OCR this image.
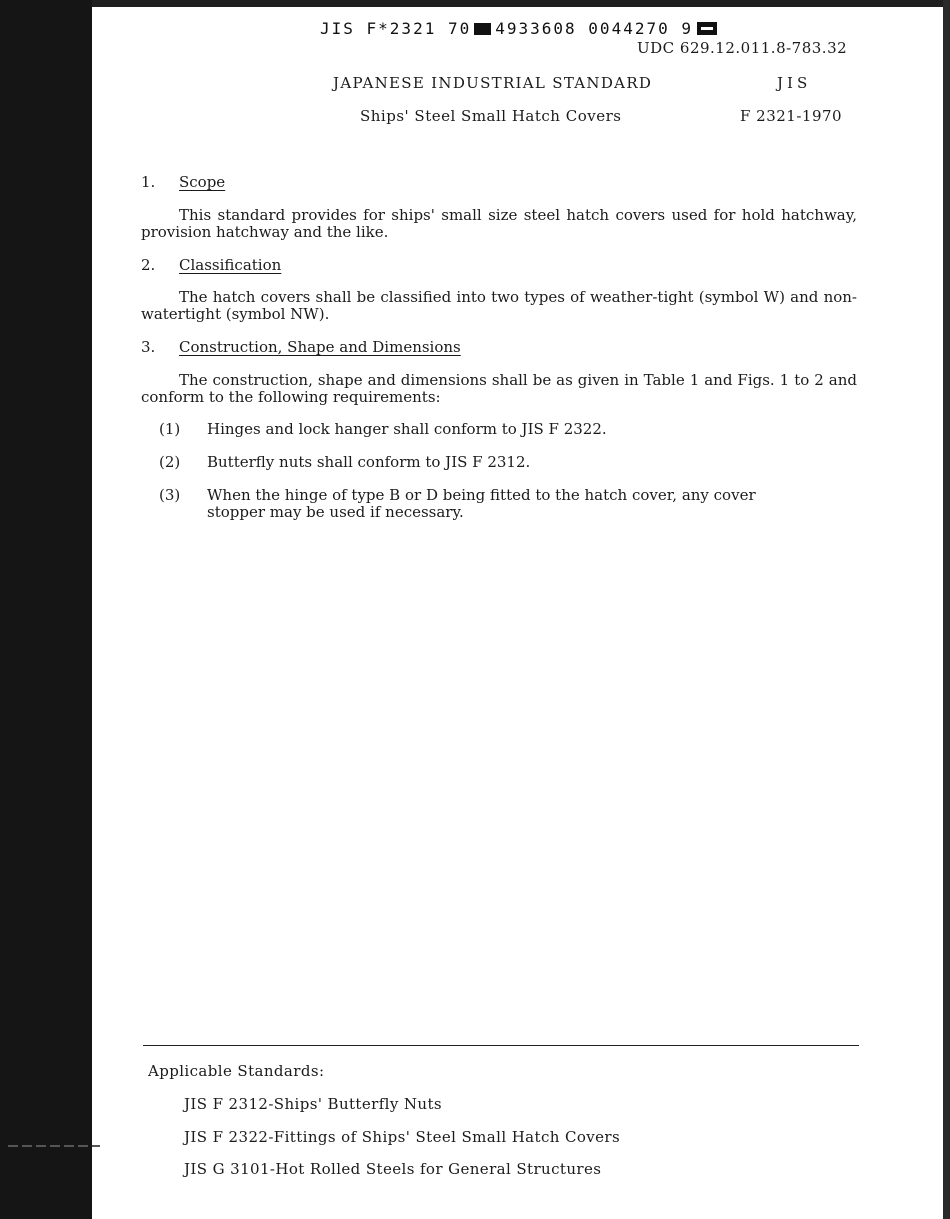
JIS F*2321 70 4933608 0044270 9
UDC 629.12.011.8-783.32
JAPANESE INDUSTRIAL STANDARD	JIS
Ships' Steel Small Hatch Covers	F 2321-1970
1. Scope
This standard provides for ships' small size steel hatch covers used for hold hatchway, provision hatchway and the like.
2. Classification
The hatch covers shall be classified into two types of weather-tight (symbol W) and non-watertight (symbol NW).
3. Construction, Shape and Dimensions
The construction, shape and dimensions shall be as given in Table 1 and Figs. 1 to 2 and conform to the following requirements:
(1) Hinges and lock hanger shall conform to JIS F 2322.
(2) Butterfly nuts shall conform to JIS F 2312.
(3) When the hinge of type B or D being fitted to the hatch cover, any cover stopper may be used if necessary.
Applicable Standards:
JIS F 2312-Ships' Butterfly Nuts
JIS F 2322-Fittings of Ships' Steel Small Hatch Covers
JIS G 3101-Hot Rolled Steels for General Structures
